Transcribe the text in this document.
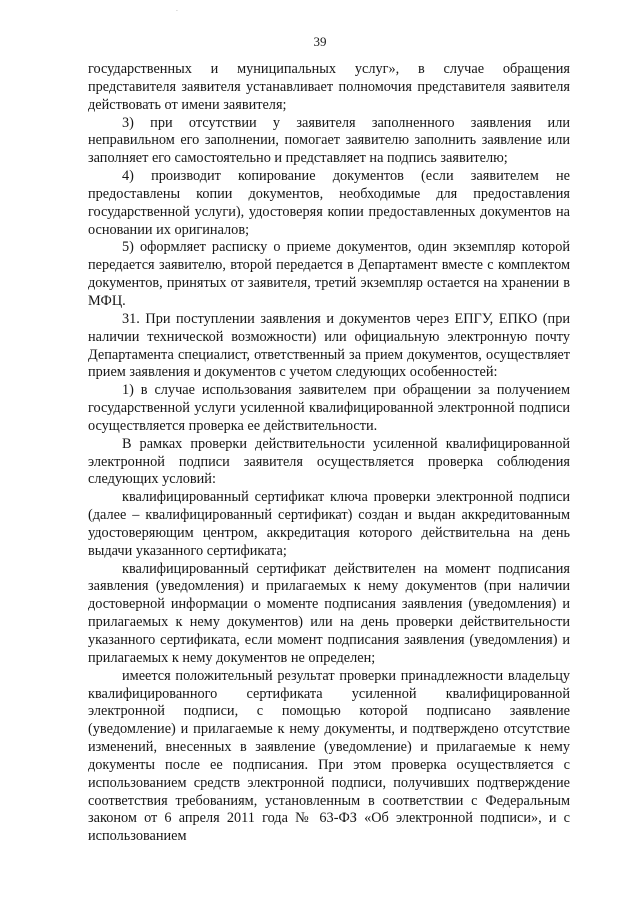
·
39

государственных и муниципальных услуг», в случае обращения представителя заявителя устанавливает полномочия представителя заявителя действовать от имени заявителя;

3) при отсутствии у заявителя заполненного заявления или неправильном его заполнении, помогает заявителю заполнить заявление или заполняет его самостоятельно и представляет на подпись заявителю;

4) производит копирование документов (если заявителем не предоставлены копии документов, необходимые для предоставления государственной услуги), удостоверяя копии предоставленных документов на основании их оригиналов;

5) оформляет расписку о приеме документов, один экземпляр которой передается заявителю, второй передается в Департамент вместе с комплектом документов, принятых от заявителя, третий экземпляр остается на хранении в МФЦ.

31. При поступлении заявления и документов через ЕПГУ, ЕПКО (при наличии технической возможности) или официальную электронную почту Департамента специалист, ответственный за прием документов, осуществляет прием заявления и документов с учетом следующих особенностей:

1) в случае использования заявителем при обращении за получением государственной услуги усиленной квалифицированной электронной подписи осуществляется проверка ее действительности.

В рамках проверки действительности усиленной квалифицированной электронной подписи заявителя осуществляется проверка соблюдения следующих условий:

квалифицированный сертификат ключа проверки электронной подписи (далее – квалифицированный сертификат) создан и выдан аккредитованным удостоверяющим центром, аккредитация которого действительна на день выдачи указанного сертификата;

квалифицированный сертификат действителен на момент подписания заявления (уведомления) и прилагаемых к нему документов (при наличии достоверной информации о моменте подписания заявления (уведомления) и прилагаемых к нему документов) или на день проверки действительности указанного сертификата, если момент подписания заявления (уведомления) и прилагаемых к нему документов не определен;

имеется положительный результат проверки принадлежности владельцу квалифицированного сертификата усиленной квалифицированной электронной подписи, с помощью которой подписано заявление (уведомление) и прилагаемые к нему документы, и подтверждено отсутствие изменений, внесенных в заявление (уведомление) и прилагаемые к нему документы после ее подписания. При этом проверка осуществляется с использованием средств электронной подписи, получивших подтверждение соответствия требованиям, установленным в соответствии с Федеральным законом от 6 апреля 2011 года № 63-ФЗ «Об электронной подписи», и с использованием
